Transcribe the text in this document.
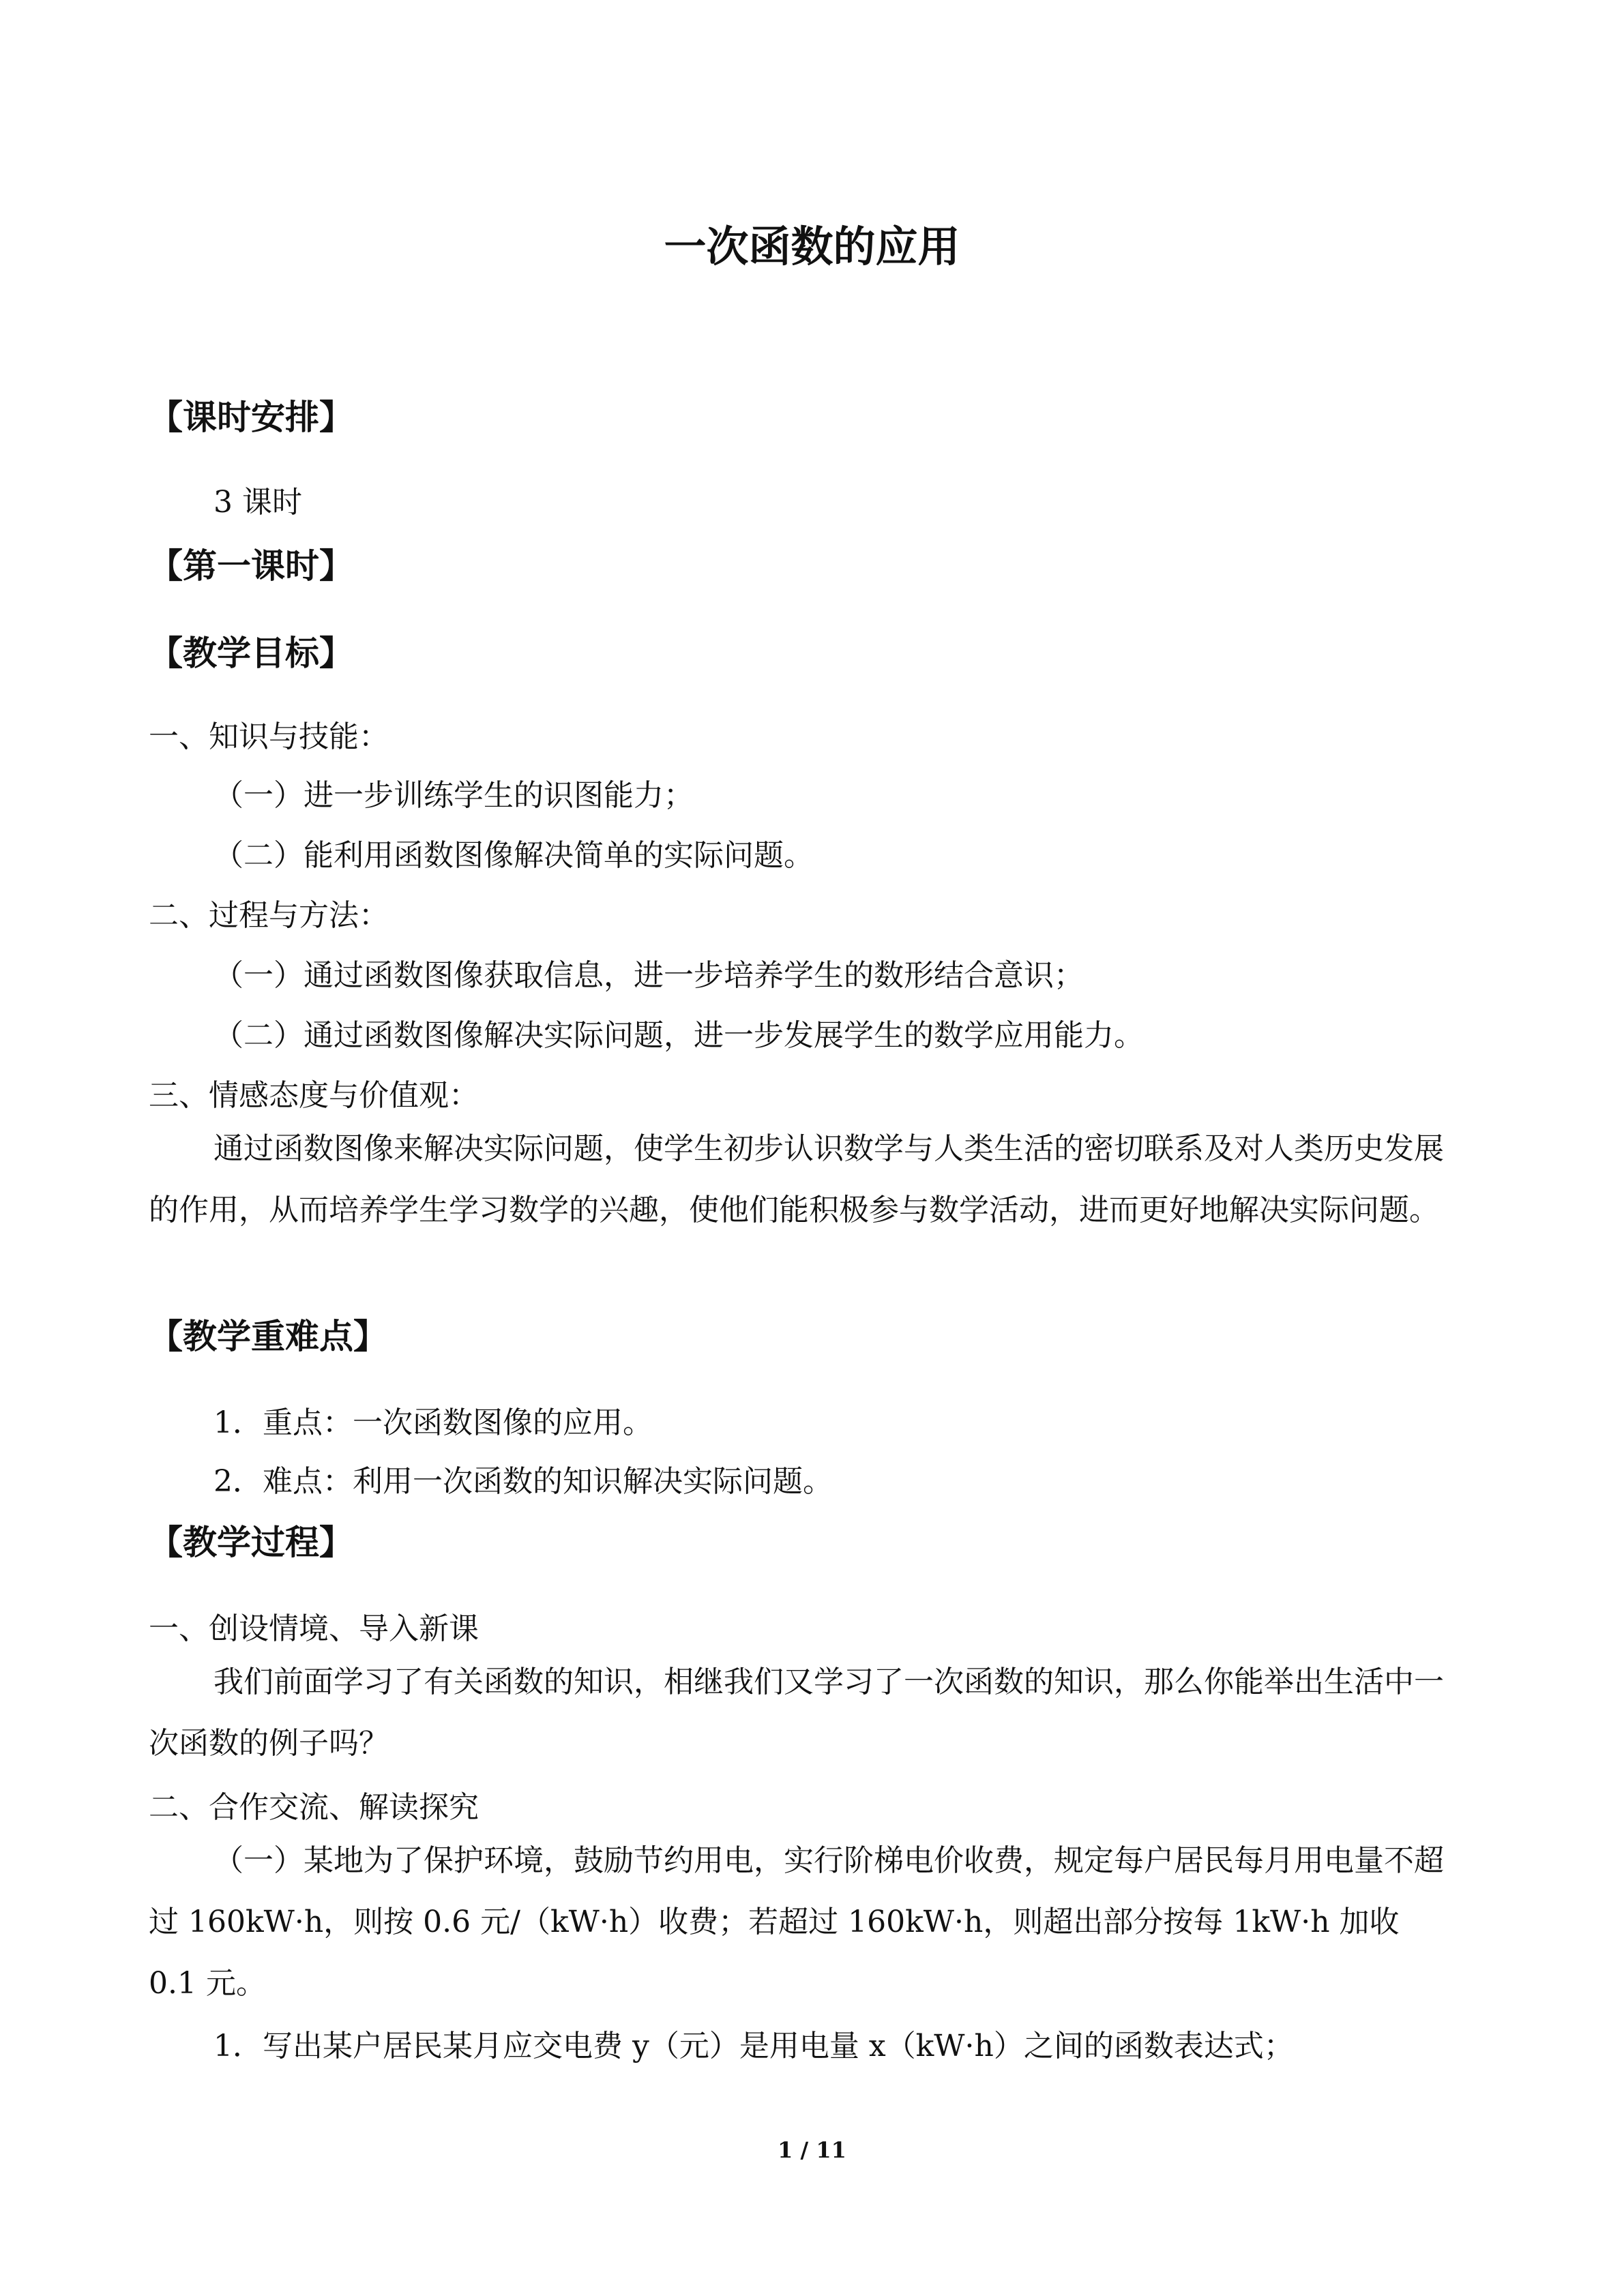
一次函数的应用
【课时安排】
3 课时
【第一课时】
【教学目标】
一、知识与技能：
（一）进一步训练学生的识图能力；
（二）能利用函数图像解决简单的实际问题。
二、过程与方法：
（一）通过函数图像获取信息，进一步培养学生的数形结合意识；
（二）通过函数图像解决实际问题，进一步发展学生的数学应用能力。
三、情感态度与价值观：
通过函数图像来解决实际问题，使学生初步认识数学与人类生活的密切联系及对人类历史发展的作用，从而培养学生学习数学的兴趣，使他们能积极参与数学活动，进而更好地解决实际问题。
【教学重难点】
1．重点：一次函数图像的应用。
2．难点：利用一次函数的知识解决实际问题。
【教学过程】
一、创设情境、导入新课
我们前面学习了有关函数的知识，相继我们又学习了一次函数的知识，那么你能举出生活中一次函数的例子吗？
二、合作交流、解读探究
（一）某地为了保护环境，鼓励节约用电，实行阶梯电价收费，规定每户居民每月用电量不超过 160kW·h，则按 0.6 元/（kW·h）收费；若超过 160kW·h，则超出部分按每 1kW·h 加收 0.1 元。
1．写出某户居民某月应交电费 y（元）是用电量 x（kW·h）之间的函数表达式；
1 / 11
